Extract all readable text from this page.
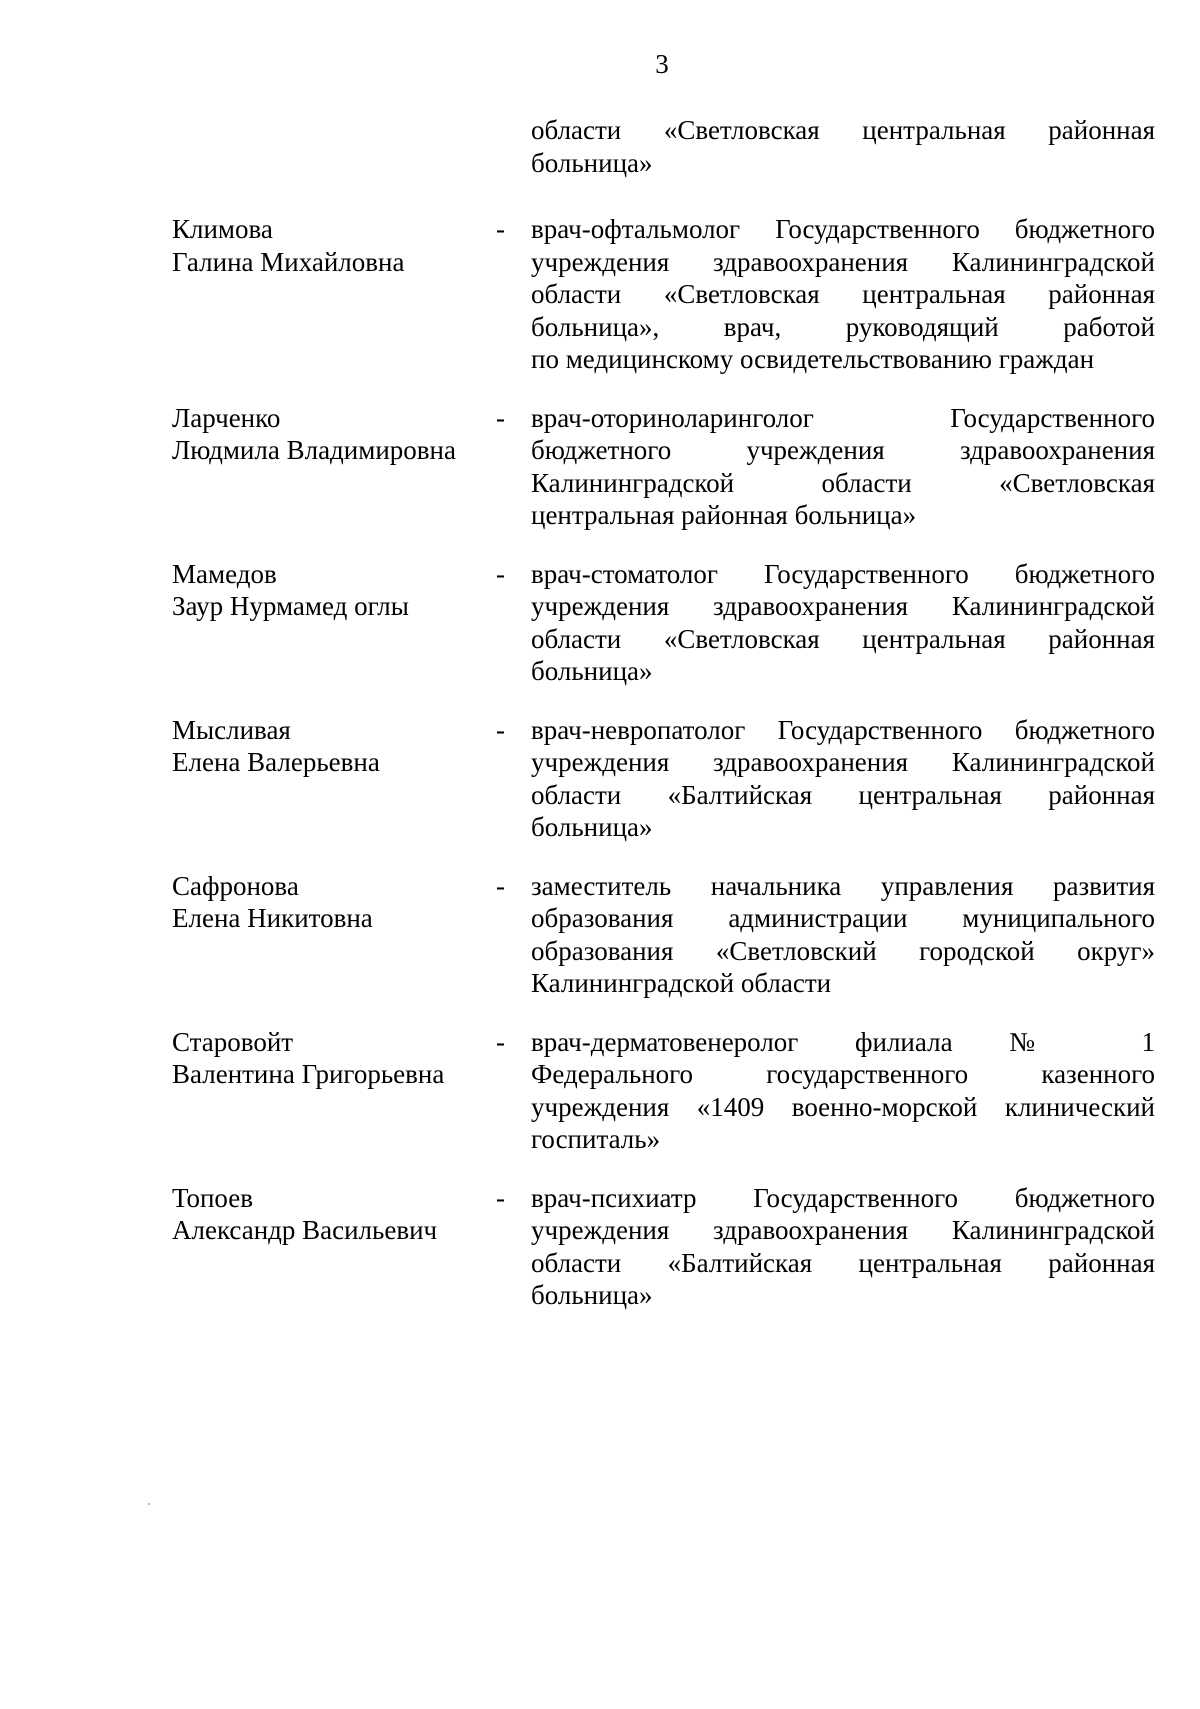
3
области «Светловская центральная районная
больница»
Климова
Галина Михайловна
- врач-офтальмолог Государственного бюджетного
учреждения здравоохранения Калининградской
области «Светловская центральная районная
больница», врач, руководящий работой
по медицинскому освидетельствованию граждан
Ларченко
Людмила Владимировна
- врач-оториноларинголог Государственного
бюджетного учреждения здравоохранения
Калининградской области «Светловская
центральная районная больница»
Мамедов
Заур Нурмамед оглы
- врач-стоматолог Государственного бюджетного
учреждения здравоохранения Калининградской
области «Светловская центральная районная
больница»
Мысливая
Елена Валерьевна
- врач-невропатолог Государственного бюджетного
учреждения здравоохранения Калининградской
области «Балтийская центральная районная
больница»
Сафронова
Елена Никитовна
- заместитель начальника управления развития
образования администрации муниципального
образования «Светловский городской округ»
Калининградской области
Старовойт
Валентина Григорьевна
- врач-дерматовенеролог филиала № 1
Федерального государственного казенного
учреждения «1409 военно-морской клинический
госпиталь»
Топоев
Александр Васильевич
- врач-психиатр Государственного бюджетного
учреждения здравоохранения Калининградской
области «Балтийская центральная районная
больница»
